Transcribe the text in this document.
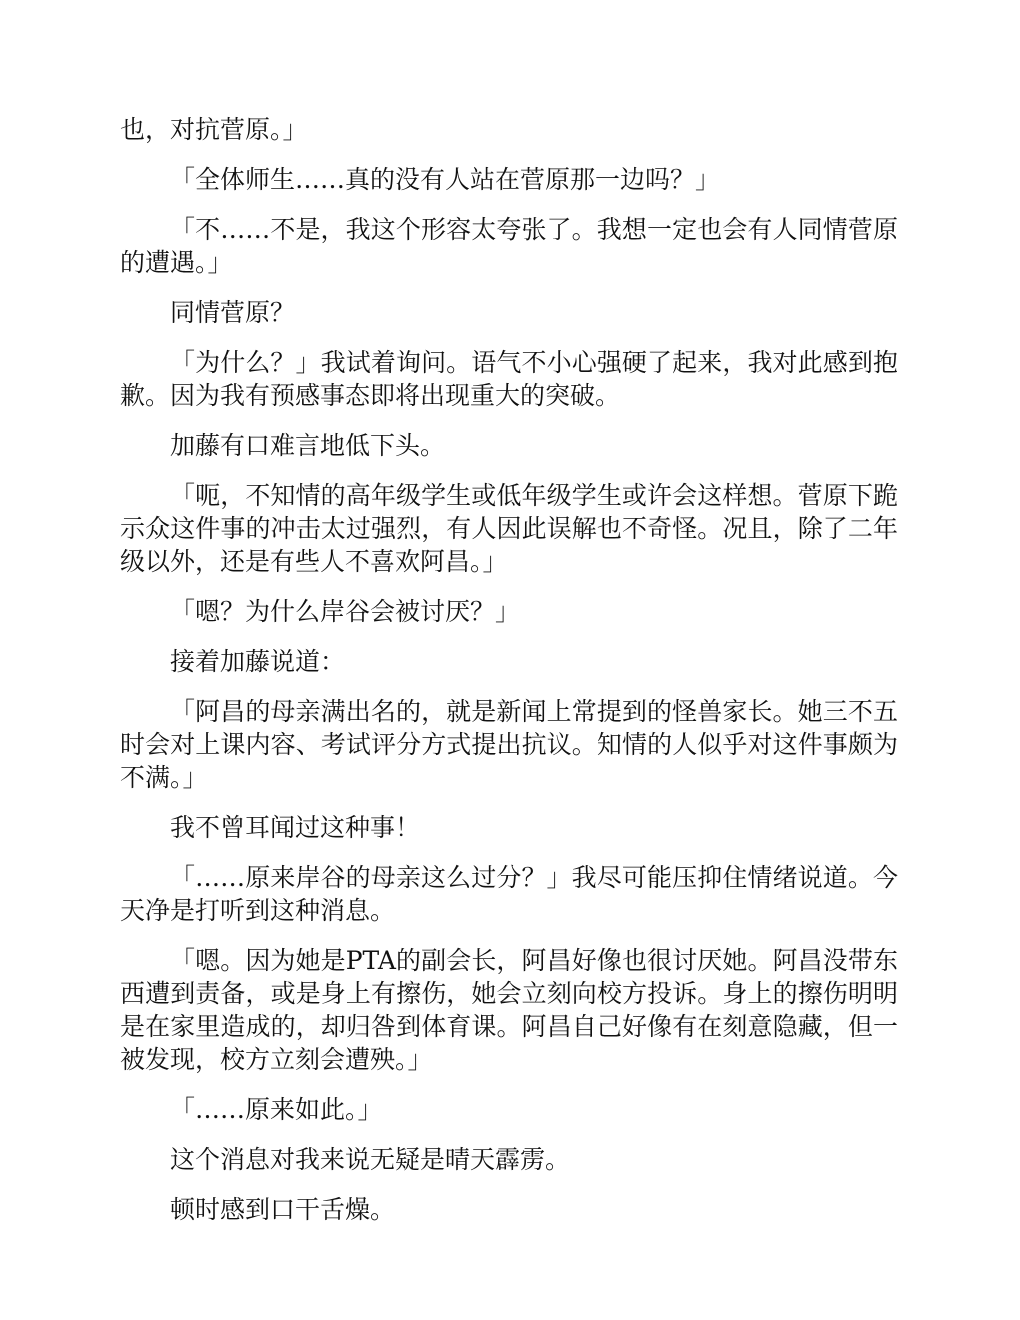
也，对抗菅原。」

「全体师生……真的没有人站在菅原那一边吗？」

「不……不是，我这个形容太夸张了。我想一定也会有人同情菅原的遭遇。」

同情菅原？

「为什么？」我试着询问。语气不小心强硬了起来，我对此感到抱歉。因为我有预感事态即将出现重大的突破。

加藤有口难言地低下头。

「呃，不知情的高年级学生或低年级学生或许会这样想。菅原下跪示众这件事的冲击太过强烈，有人因此误解也不奇怪。况且，除了二年级以外，还是有些人不喜欢阿昌。」

「嗯？为什么岸谷会被讨厌？」

接着加藤说道：

「阿昌的母亲满出名的，就是新闻上常提到的怪兽家长。她三不五时会对上课内容、考试评分方式提出抗议。知情的人似乎对这件事颇为不满。」

我不曾耳闻过这种事！

「……原来岸谷的母亲这么过分？」我尽可能压抑住情绪说道。今天净是打听到这种消息。

「嗯。因为她是PTA的副会长，阿昌好像也很讨厌她。阿昌没带东西遭到责备，或是身上有擦伤，她会立刻向校方投诉。身上的擦伤明明是在家里造成的，却归咎到体育课。阿昌自己好像有在刻意隐藏，但一被发现，校方立刻会遭殃。」

「……原来如此。」

这个消息对我来说无疑是晴天霹雳。

顿时感到口干舌燥。
